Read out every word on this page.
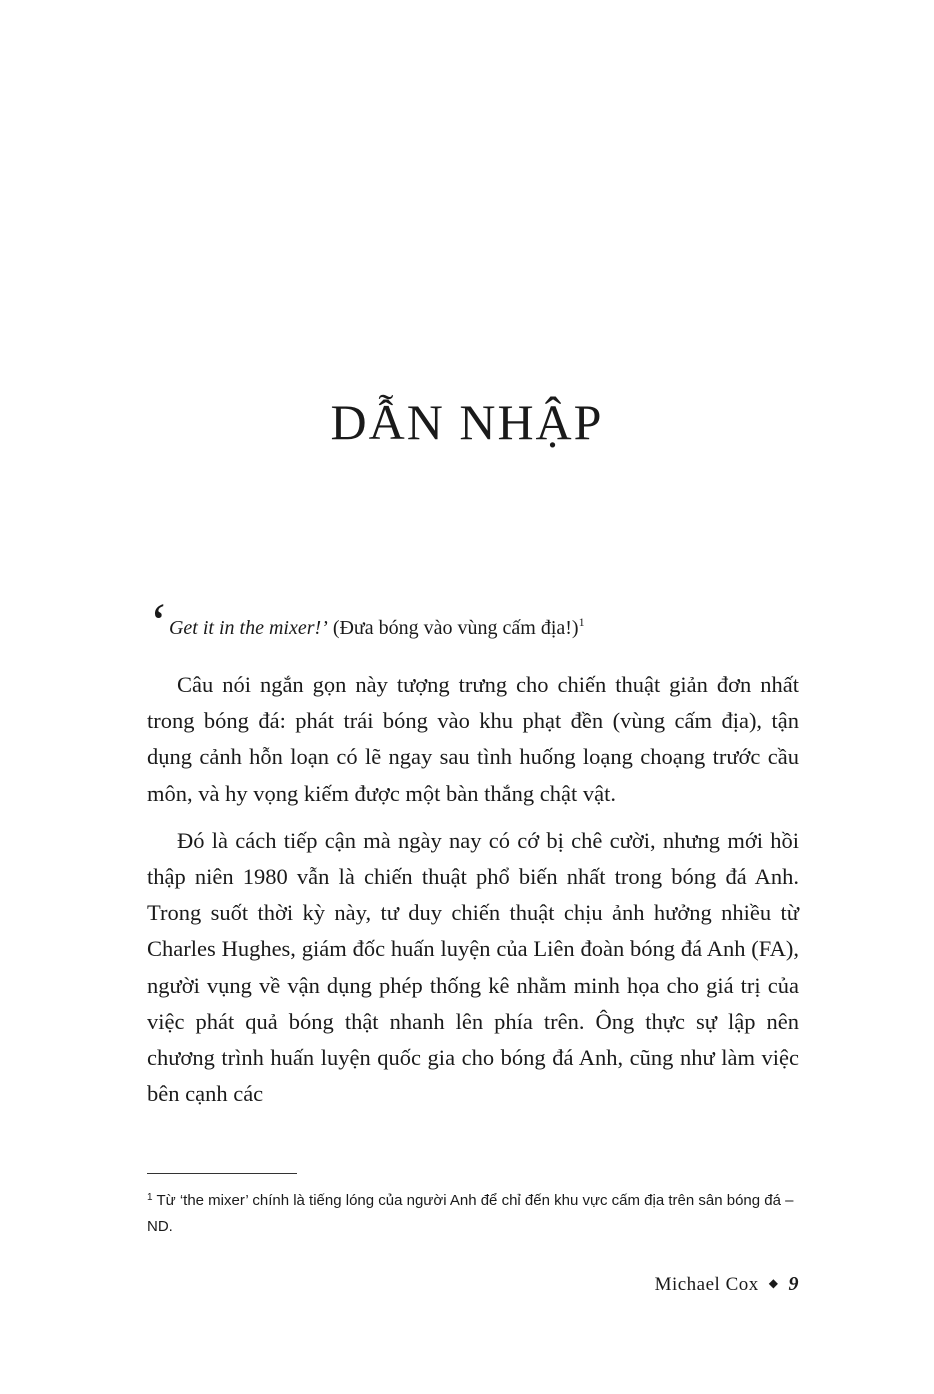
DẪN NHẬP
‘ Get it in the mixer!’ (Đưa bóng vào vùng cấm địa!)$^1$

Câu nói ngắn gọn này tượng trưng cho chiến thuật giản đơn nhất trong bóng đá: phát trái bóng vào khu phạt đền (vùng cấm địa), tận dụng cảnh hỗn loạn có lẽ ngay sau tình huống loạng choạng trước cầu môn, và hy vọng kiếm được một bàn thắng chật vật.

Đó là cách tiếp cận mà ngày nay có cớ bị chê cười, nhưng mới hồi thập niên 1980 vẫn là chiến thuật phổ biến nhất trong bóng đá Anh. Trong suốt thời kỳ này, tư duy chiến thuật chịu ảnh hưởng nhiều từ Charles Hughes, giám đốc huấn luyện của Liên đoàn bóng đá Anh (FA), người vụng về vận dụng phép thống kê nhằm minh họa cho giá trị của việc phát quả bóng thật nhanh lên phía trên. Ông thực sự lập nên chương trình huấn luyện quốc gia cho bóng đá Anh, cũng như làm việc bên cạnh các

$^1$ Từ ‘the mixer’ chính là tiếng lóng của người Anh để chỉ đến khu vực cấm địa trên sân bóng đá – ND.
Michael Cox ◆ 9
